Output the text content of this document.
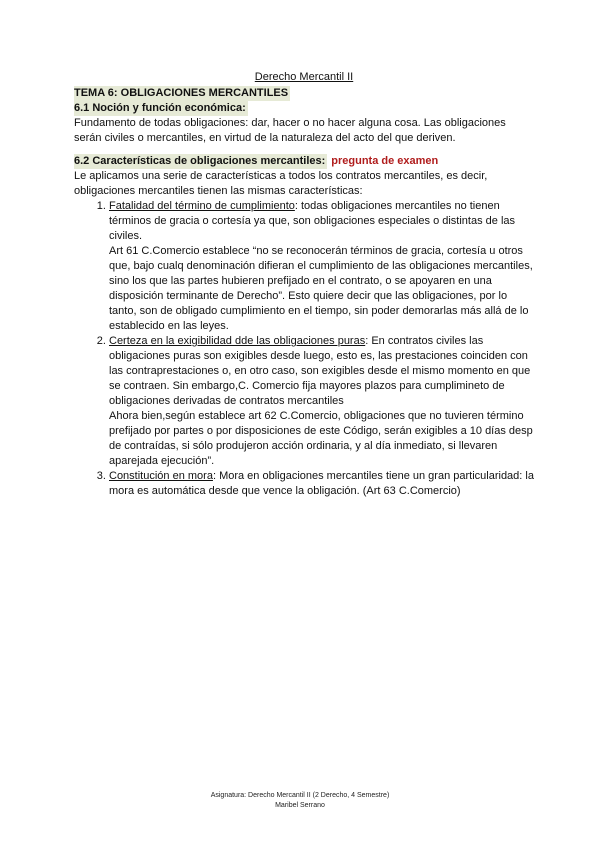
Derecho Mercantil II
TEMA 6: OBLIGACIONES MERCANTILES
6.1 Noción y función económica:

Fundamento de todas obligaciones: dar, hacer o no hacer alguna cosa. Las obligaciones serán civiles o mercantiles, en virtud de la naturaleza del acto del que deriven.

6.2 Características de obligaciones mercantiles: pregunta de examen

Le aplicamos una serie de características a todos los contratos mercantiles, es decir, obligaciones mercantiles tienen las mismas características:

1. Fatalidad del término de cumplimiento: todas obligaciones mercantiles no tienen términos de gracia o cortesía ya que, son obligaciones especiales o distintas de las civiles.
Art 61 C.Comercio establece “no se reconocerán términos de gracia, cortesía u otros que, bajo cualq denominación difieran el cumplimiento de las obligaciones mercantiles, sino los que las partes hubieren prefijado en el contrato, o se apoyaren en una disposición terminante de Derecho”. Esto quiere decir que las obligaciones, por lo tanto, son de obligado cumplimiento en el tiempo, sin poder demorarlas más allá de lo establecido en las leyes.
2. Certeza en la exigibilidad dde las obligaciones puras: En contratos civiles las obligaciones puras son exigibles desde luego, esto es, las prestaciones coinciden con las contraprestaciones o, en otro caso, son exigibles desde el mismo momento en que se contraen. Sin embargo,C. Comercio fija mayores plazos para cumplimineto de obligaciones derivadas de contratos mercantiles
Ahora bien,según establece art 62 C.Comercio, obligaciones que no tuvieren término prefijado por partes o por disposiciones de este Código, serán exigibles a 10 días desp de contraídas, si sólo produjeron acción ordinaria, y al día inmediato, si llevaren aparejada ejecución”.
3. Constitución en mora: Mora en obligaciones mercantiles tiene un gran particularidad: la mora es automática desde que vence la obligación. (Art 63 C.Comercio)
Asignatura: Derecho Mercantil II (2 Derecho, 4 Semestre)
Maribel Serrano
